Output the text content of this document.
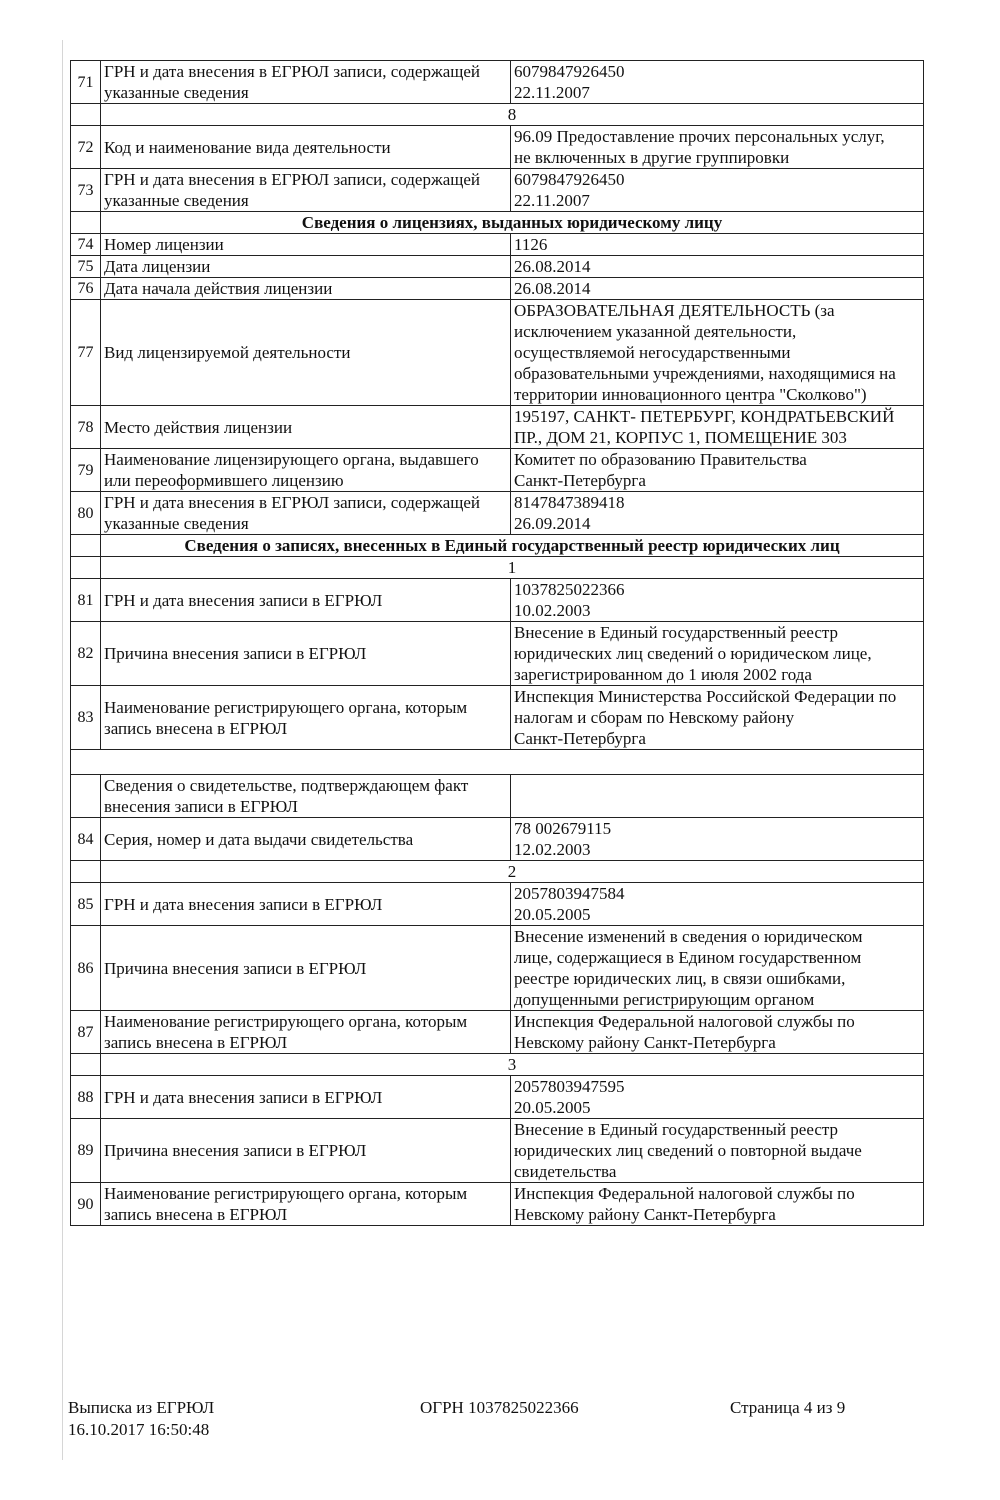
71	ГРН и дата внесения в ЕГРЮЛ записи, содержащей
указанные сведения	6079847926450
22.11.2007
	8	
72	Код и наименование вида деятельности	96.09 Предоставление прочих персональных услуг,
не включенных в другие группировки
73	ГРН и дата внесения в ЕГРЮЛ записи, содержащей
указанные сведения	6079847926450
22.11.2007
	Сведения о лицензиях, выданных юридическому лицу	
74	Номер лицензии	1126
75	Дата лицензии	26.08.2014
76	Дата начала действия лицензии	26.08.2014
77	Вид лицензируемой деятельности	ОБРАЗОВАТЕЛЬНАЯ ДЕЯТЕЛЬНОСТЬ (за
исключением указанной деятельности,
осуществляемой негосударственными
образовательными учреждениями, находящимися на
территории инновационного центра "Сколково")
78	Место действия лицензии	195197, САНКТ- ПЕТЕРБУРГ, КОНДРАТЬЕВСКИЙ
ПР., ДОМ 21, КОРПУС 1, ПОМЕЩЕНИЕ 303
79	Наименование лицензирующего органа, выдавшего
или переоформившего лицензию	Комитет по образованию Правительства
Санкт-Петербурга
80	ГРН и дата внесения в ЕГРЮЛ записи, содержащей
указанные сведения	8147847389418
26.09.2014
	Сведения о записях, внесенных в Единый государственный реестр юридических лиц	
	1	
81	ГРН и дата внесения записи в ЕГРЮЛ	1037825022366
10.02.2003
82	Причина внесения записи в ЕГРЮЛ	Внесение в Единый государственный реестр
юридических лиц сведений о юридическом лице,
зарегистрированном до 1 июля 2002 года
83	Наименование регистрирующего органа, которым
запись внесена в ЕГРЮЛ	Инспекция Министерства Российской Федерации по
налогам и сборам по Невскому району
Санкт-Петербурга

	Сведения о свидетельстве, подтверждающем факт
внесения записи в ЕГРЮЛ	
84	Серия, номер и дата выдачи свидетельства	78 002679115
12.02.2003
	2	
85	ГРН и дата внесения записи в ЕГРЮЛ	2057803947584
20.05.2005
86	Причина внесения записи в ЕГРЮЛ	Внесение изменений в сведения о юридическом
лице, содержащиеся в Едином государственном
реестре юридических лиц, в связи ошибками,
допущенными регистрирующим органом
87	Наименование регистрирующего органа, которым
запись внесена в ЕГРЮЛ	Инспекция Федеральной налоговой службы по
Невскому району Санкт-Петербурга
	3	
88	ГРН и дата внесения записи в ЕГРЮЛ	2057803947595
20.05.2005
89	Причина внесения записи в ЕГРЮЛ	Внесение в Единый государственный реестр
юридических лиц сведений о повторной выдаче
свидетельства
90	Наименование регистрирующего органа, которым
запись внесена в ЕГРЮЛ	Инспекция Федеральной налоговой службы по
Невскому району Санкт-Петербурга
Выписка из ЕГРЮЛ
16.10.2017 16:50:48
ОГРН 1037825022366	Страница 4 из 9
